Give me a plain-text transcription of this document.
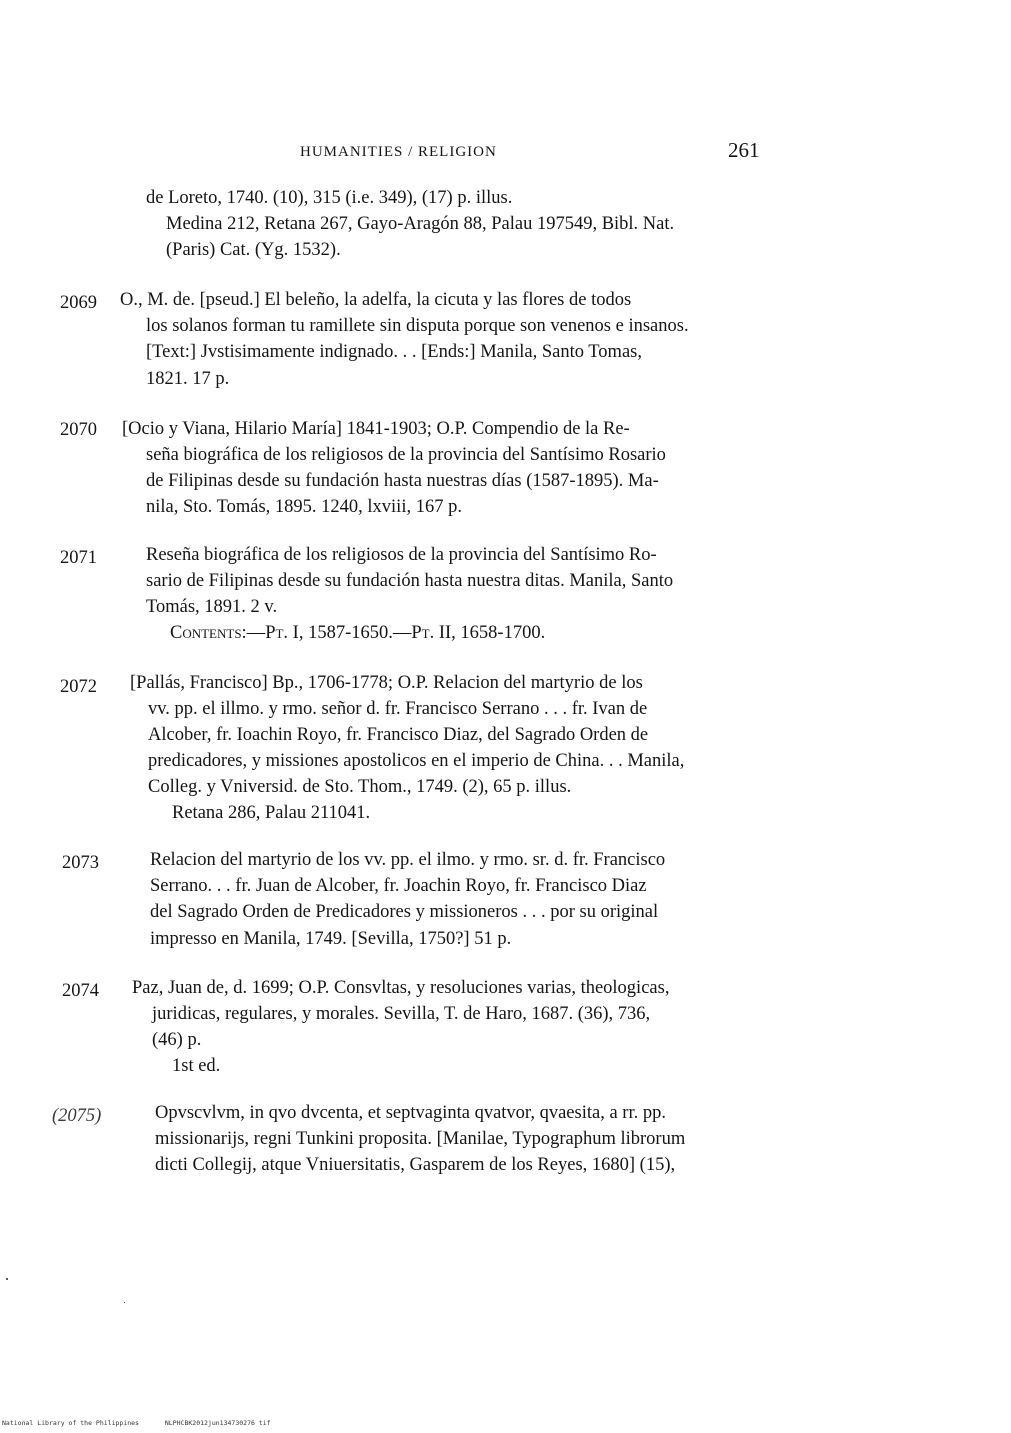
HUMANITIES / RELIGION	261
de Loreto, 1740. (10), 315 (i.e. 349), (17) p. illus.
Medina 212, Retana 267, Gayo-Aragón 88, Palau 197549, Bibl. Nat.
(Paris) Cat. (Yg. 1532).
2069 O., M. de. [pseud.] El beleño, la adelfa, la cicuta y las flores de todos
los solanos forman tu ramillete sin disputa porque son venenos e insanos.
[Text:] Jvstisimamente indignado. . . [Ends:] Manila, Santo Tomas,
1821. 17 p.
2070 [Ocio y Viana, Hilario María] 1841-1903; O.P. Compendio de la Re-
seña biográfica de los religiosos de la provincia del Santísimo Rosario
de Filipinas desde su fundación hasta nuestras días (1587-1895). Ma-
nila, Sto. Tomás, 1895. 1240, lxviii, 167 p.
2071	Reseña biográfica de los religiosos de la provincia del Santísimo Ro-
sario de Filipinas desde su fundación hasta nuestra ditas. Manila, Santo
Tomás, 1891. 2 v.
Contents:—Pt. I, 1587-1650.—Pt. II, 1658-1700.
2072 [Pallás, Francisco] Bp., 1706-1778; O.P. Relacion del martyrio de los
vv. pp. el illmo. y rmo. señor d. fr. Francisco Serrano . . . fr. Ivan de
Alcober, fr. Ioachin Royo, fr. Francisco Diaz, del Sagrado Orden de
predicadores, y missiones apostolicos en el imperio de China. . . Manila,
Colleg. y Vniversid. de Sto. Thom., 1749. (2), 65 p. illus.
Retana 286, Palau 211041.
2073	Relacion del martyrio de los vv. pp. el ilmo. y rmo. sr. d. fr. Francisco
Serrano. . . fr. Juan de Alcober, fr. Joachin Royo, fr. Francisco Diaz
del Sagrado Orden de Predicadores y missioneros . . . por su original
impresso en Manila, 1749. [Sevilla, 1750?] 51 p.
2074 Paz, Juan de, d. 1699; O.P. Consvltas, y resoluciones varias, theologicas,
juridicas, regulares, y morales. Sevilla, T. de Haro, 1687. (36), 736,
(46) p.
1st ed.
(2075)	Opvscvlvm, in qvo dvcenta, et septvaginta qvatvor, qvaesita, a rr. pp.
missionarijs, regni Tunkini proposita. [Manilae, Typographum librorum
dicti Collegij, atque Vniuersitatis, Gasparem de los Reyes, 1680] (15),
National Library of the Philippines	NLPHCBK2012jun134730276 tif
